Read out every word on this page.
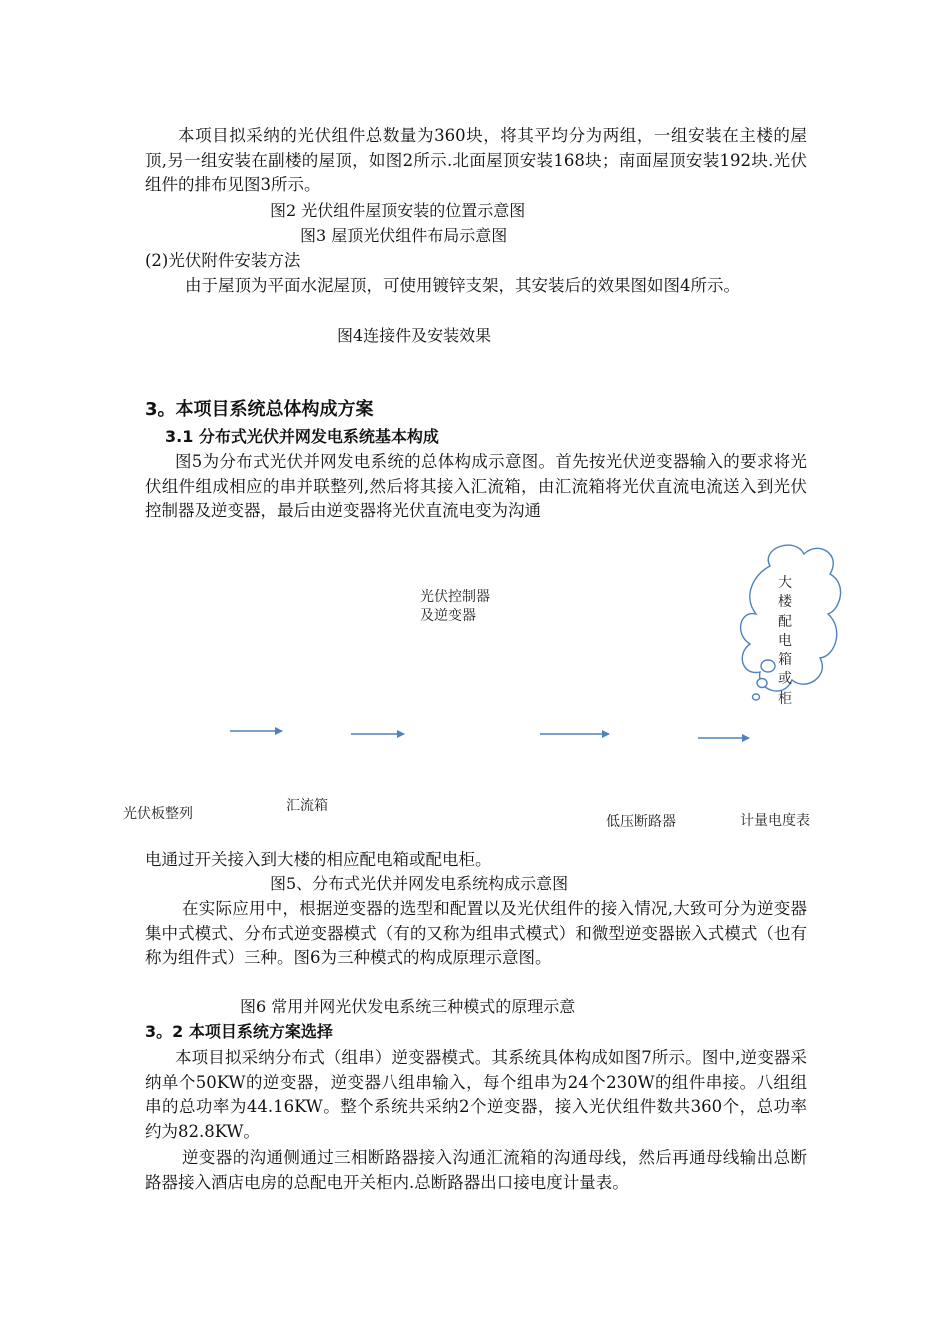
本项目拟采纳的光伏组件总数量为360块，将其平均分为两组，一组安装在主楼的屋顶,另一组安装在副楼的屋顶，如图2所示.北面屋顶安装168块；南面屋顶安装192块.光伏组件的排布见图3所示。
图2 光伏组件屋顶安装的位置示意图
图3 屋顶光伏组件布局示意图
(2)光伏附件安装方法
由于屋顶为平面水泥屋顶，可使用镀锌支架，其安装后的效果图如图4所示。
图4连接件及安装效果
3。本项目系统总体构成方案
3.1 分布式光伏并网发电系统基本构成
图5为分布式光伏并网发电系统的总体构成示意图。首先按光伏逆变器输入的要求将光伏组件组成相应的串并联整列,然后将其接入汇流箱，由汇流箱将光伏直流电流送入到光伏控制器及逆变器，最后由逆变器将光伏直流电变为沟通
光伏控制器
及逆变器
大
楼
配
电
箱
或
柜
光伏板整列	汇流箱
低压断路器	计量电度表
电通过开关接入到大楼的相应配电箱或配电柜。
图5、分布式光伏并网发电系统构成示意图
在实际应用中，根据逆变器的选型和配置以及光伏组件的接入情况,大致可分为逆变器集中式模式、分布式逆变器模式（有的又称为组串式模式）和微型逆变器嵌入式模式（也有称为组件式）三种。图6为三种模式的构成原理示意图。
图6 常用并网光伏发电系统三种模式的原理示意
3。2 本项目系统方案选择
本项目拟采纳分布式（组串）逆变器模式。其系统具体构成如图7所示。图中,逆变器采纳单个50KW的逆变器，逆变器八组串输入，每个组串为24个230W的组件串接。八组组串的总功率为44.16KW。整个系统共采纳2个逆变器，接入光伏组件数共360个，总功率约为82.8KW。
逆变器的沟通侧通过三相断路器接入沟通汇流箱的沟通母线，然后再通母线输出总断路器接入酒店电房的总配电开关柜内.总断路器出口接电度计量表。
